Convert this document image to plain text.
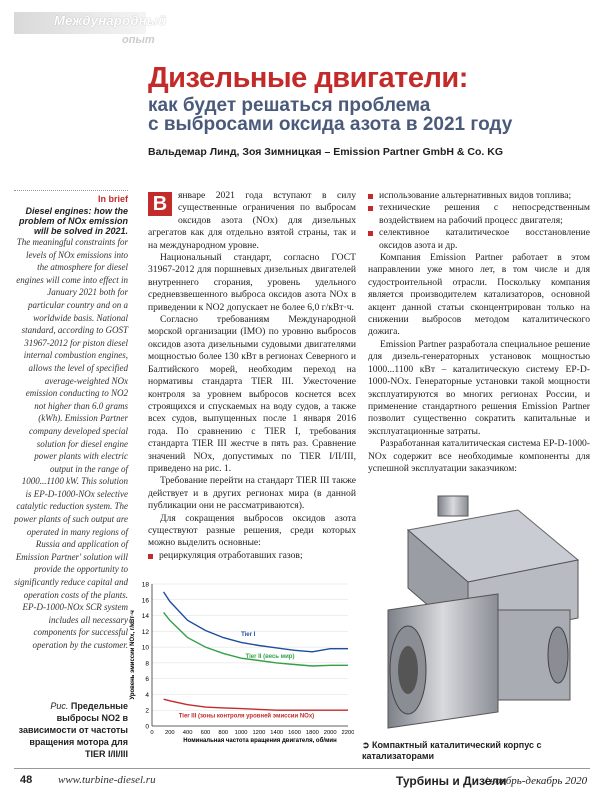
Международный
опыт
Дизельные двигатели:
как будет решаться проблема
с выбросами оксида азота в 2021 году
Вальдемар Линд, Зоя Зимницкая – Emission Partner GmbH & Co. KG
In brief
Diesel engines: how the problem of NOx emission will be solved in 2021.
The meaningful constraints for levels of NOx emissions into the atmosphere for diesel engines will come into effect in January 2021 both for particular country and on a worldwide basis. National standard, according to GOST 31967-2012 for piston diesel internal combustion engines, allows the level of specified average-weighted NOx emission conducting to NO2 not higher than 6.0 grams (kWh). Emission Partner company developed special solution for diesel engine power plants with electric output in the range of 1000...1100 kW. This solution is EP-D-1000-NOx selective catalytic reduction system. The power plants of such output are operated in many regions of Russia and application of Emission Partner' solution will provide the opportunity to significantly reduce capital and operation costs of the plants. EP-D-1000-NOx SCR system includes all necessary components for successful operation by the customer.
В	январе 2021 года вступают в силу существенные ограничения по выбросам оксидов азота (NOx) для дизельных агрегатов как для отдельно взятой страны, так и на международном уровне.

Национальный стандарт, согласно ГОСТ 31967-2012 для поршневых дизельных двигателей внутреннего сгорания, уровень удельного средневзвешенного выброса оксидов азота NOx в приведении к NO2 допускает не более 6,0 г/кВт·ч.

Согласно требованиям Международной морской организации (IMO) по уровню выбросов оксидов азота дизельными судовыми двигателями мощностью более 130 кВт в регионах Северного и Балтийского морей, необходим переход на нормативы стандарта TIER III. Ужесточение контроля за уровнем выбросов коснется всех строящихся и спускаемых на воду судов, а также всех судов, выпущенных после 1 января 2016 года. По сравнению с TIER I, требования стандарта TIER III жестче в пять раз. Сравнение значений NOx, допустимых по TIER I/II/III, приведено на рис. 1.

Требование перейти на стандарт TIER III также действует и в других регионах мира (в данной публикации они не рассматриваются).

Для сокращения выбросов оксидов азота существуют разные решения, среди которых можно выделить основные:

рециркуляция отработавших газов;
использование альтернативных видов топлива;
технические решения с непосредственным воздействием на рабочий процесс двигателя;
селективное каталитическое восстановление оксидов азота и др.

Компания Emission Partner работает в этом направлении уже много лет, в том числе и для судостроительной отрасли. Поскольку компания является производителем катализаторов, основной акцент данной статьи сконцентрирован только на снижении выбросов методом каталитического дожига.

Emission Partner разработала специальное решение для дизель-генераторных установок мощностью 1000...1100 кВт – каталитическую систему EP-D-1000-NOx. Генераторные установки такой мощности эксплуатируются во многих регионах России, и применение стандартного решения Emission Partner позволит существенно сократить капитальные и эксплуатационные затраты.

Разработанная каталитическая система EP-D-1000-NOx содержит все необходимые компоненты для успешной эксплуатации заказчиком:

0
2
4
6
8
10
12
14
16
18
0 200 400 600 800 1000 1200 1400 1600 1800 2000 2200
Tier I
Tier II (весь мир)
Tier III (зоны контроля уровней эмиссии NOx)
Номинальная частота вращения двигателя, об/мин
Уровень эмиссии NOx, г/кВт·ч
Рис. Предельные выбросы NO2 в зависимости от частоты вращения мотора для TIER I/II/III
➲ Компактный каталитический корпус с катализаторами
48 www.turbine-diesel.ru	Турбины и Дизели
/ ноябрь-декабрь 2020
